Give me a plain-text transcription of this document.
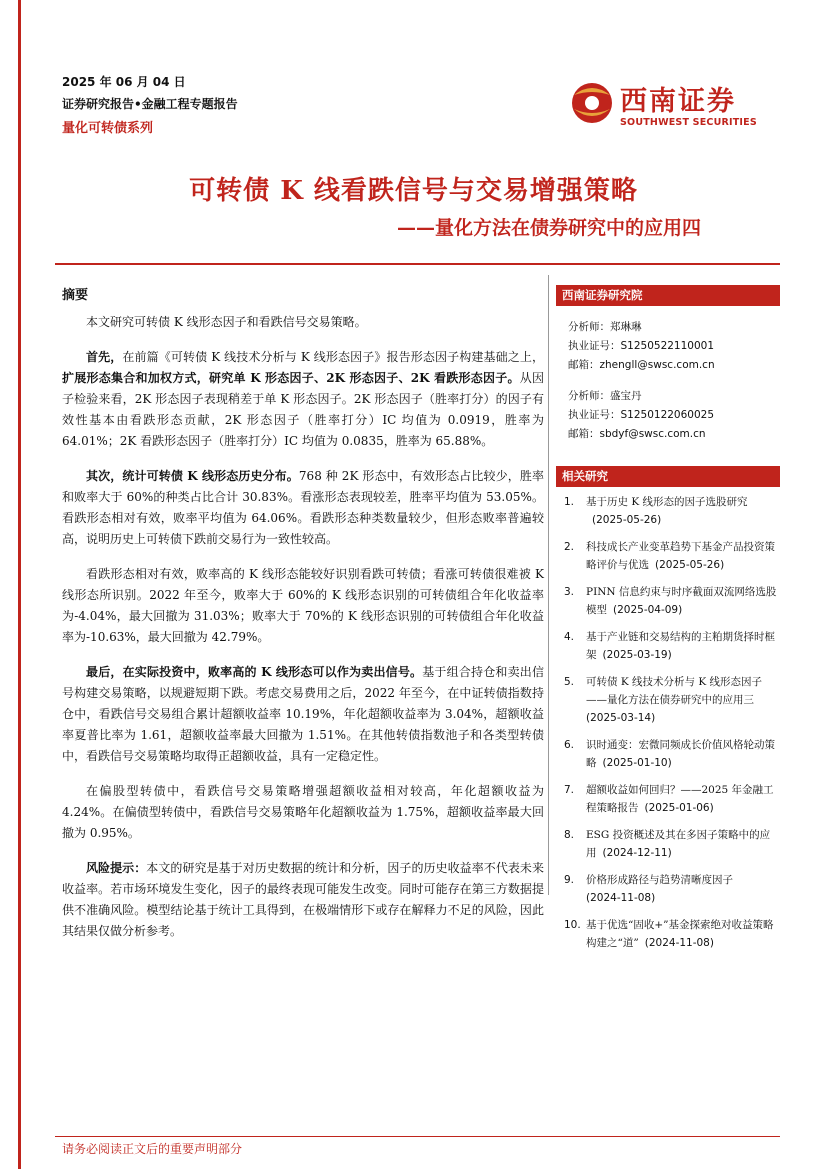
2025 年 06 月 04 日
证券研究报告•金融工程专题报告
量化可转债系列
西南证券
SOUTHWEST SECURITIES
可转债 K 线看跌信号与交易增强策略
——量化方法在债券研究中的应用四
摘要

本文研究可转债 K 线形态因子和看跌信号交易策略。

首先，在前篇《可转债 K 线技术分析与 K 线形态因子》报告形态因子构建基础之上，扩展形态集合和加权方式，研究单 K 形态因子、2K 形态因子、2K 看跌形态因子。从因子检验来看，2K 形态因子表现稍差于单 K 形态因子。2K 形态因子（胜率打分）的因子有效性基本由看跌形态贡献，2K 形态因子（胜率打分）IC 均值为 0.0919，胜率为 64.01%；2K 看跌形态因子（胜率打分）IC 均值为 0.0835，胜率为 65.88%。

其次，统计可转债 K 线形态历史分布。768 种 2K 形态中，有效形态占比较少，胜率和败率大于 60%的种类占比合计 30.83%。看涨形态表现较差，胜率平均值为 53.05%。看跌形态相对有效，败率平均值为 64.06%。看跌形态种类数量较少，但形态败率普遍较高，说明历史上可转债下跌前交易行为一致性较高。

看跌形态相对有效，败率高的 K 线形态能较好识别看跌可转债；看涨可转债很难被 K 线形态所识别。2022 年至今，败率大于 60%的 K 线形态识别的可转债组合年化收益率为-4.04%，最大回撤为 31.03%；败率大于 70%的 K 线形态识别的可转债组合年化收益率为-10.63%，最大回撤为 42.79%。

最后，在实际投资中，败率高的 K 线形态可以作为卖出信号。基于组合持仓和卖出信号构建交易策略，以规避短期下跌。考虑交易费用之后，2022 年至今，在中证转债指数持仓中，看跌信号交易组合累计超额收益率 10.19%，年化超额收益率为 3.04%，超额收益率夏普比率为 1.61，超额收益率最大回撤为 1.51%。在其他转债指数池子和各类型转债中，看跌信号交易策略均取得正超额收益，具有一定稳定性。

在偏股型转债中，看跌信号交易策略增强超额收益相对较高，年化超额收益为 4.24%。在偏债型转债中，看跌信号交易策略年化超额收益为 1.75%，超额收益率最大回撤为 0.95%。

风险提示：本文的研究是基于对历史数据的统计和分析，因子的历史收益率不代表未来收益率。若市场环境发生变化，因子的最终表现可能发生改变。同时可能存在第三方数据提供不准确风险。模型结论基于统计工具得到，在极端情形下或存在解释力不足的风险，因此其结果仅做分析参考。

西南证券研究院
分析师：郑琳琳
执业证号：S1250522110001
邮箱：zhengll@swsc.com.cn
分析师：盛宝丹
执业证号：S1250122060025
邮箱：sbdyf@swsc.com.cn
相关研究
1. 基于历史 K 线形态的因子选股研究
(2025-05-26)
2. 科技成长产业变革趋势下基金产品投资策略评价与优选 (2025-05-26)
3. PINN 信息约束与时序截面双流网络选股模型 (2025-04-09)
4. 基于产业链和交易结构的主粕期货择时框架 (2025-03-19)
5. 可转债 K 线技术分析与 K 线形态因子——量化方法在债券研究中的应用三
(2025-03-14)
6. 识时通变：宏微同频成长价值风格轮动策略 (2025-01-10)
7. 超额收益如何回归？——2025 年金融工程策略报告 (2025-01-06)
8. ESG 投资概述及其在多因子策略中的应用 (2024-12-11)
9. 价格形成路径与趋势清晰度因子
(2024-11-08)
10. 基于优选“固收+”基金探索绝对收益策略构建之“道” (2024-11-08)
请务必阅读正文后的重要声明部分
